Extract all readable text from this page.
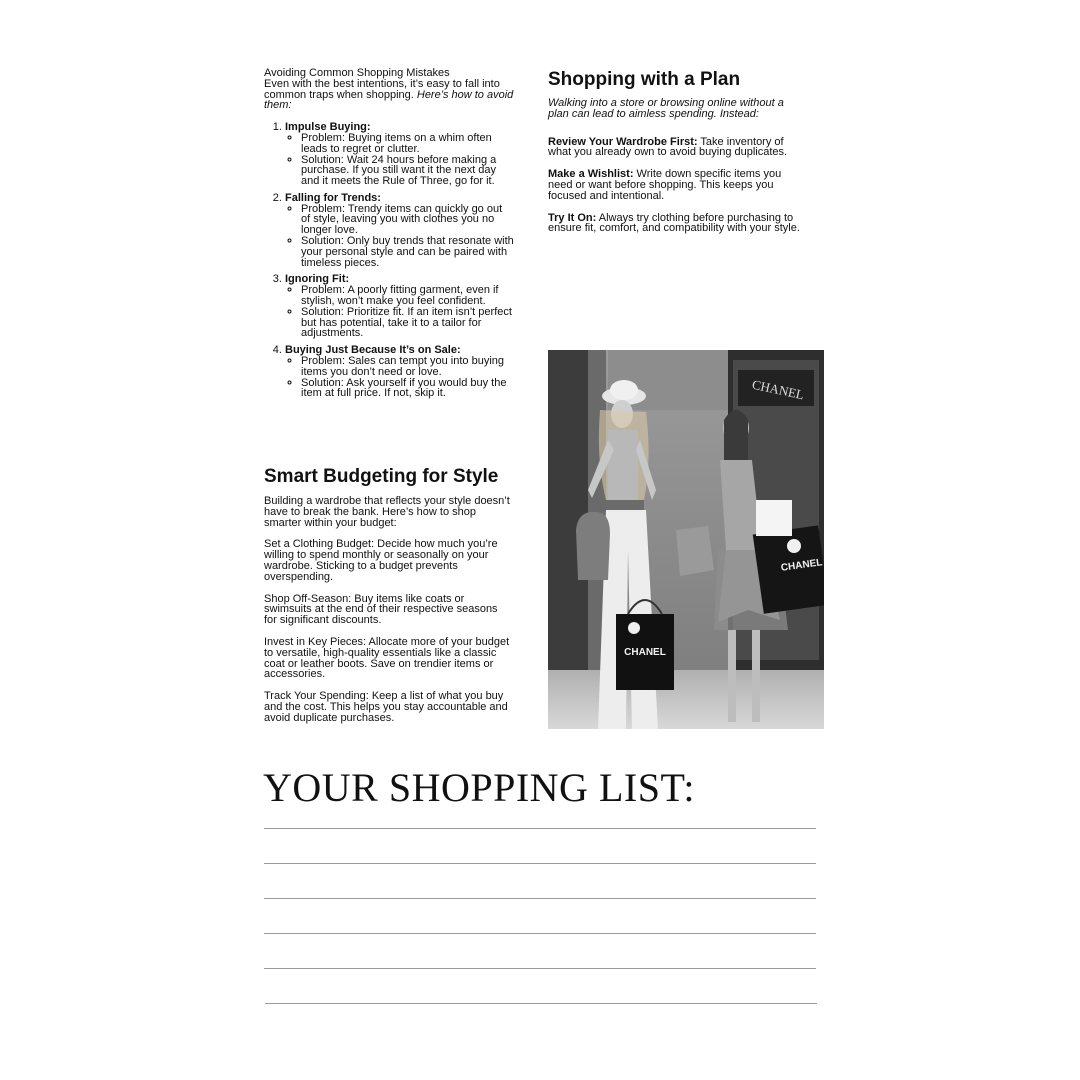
Avoiding Common Shopping Mistakes

Even with the best intentions, it’s easy to fall into common traps when shopping. Here’s how to avoid them:

1. Impulse Buying:
◦ Problem: Buying items on a whim often leads to regret or clutter.
◦ Solution: Wait 24 hours before making a purchase. If you still want it the next day and it meets the Rule of Three, go for it.
2. Falling for Trends:
◦ Problem: Trendy items can quickly go out of style, leaving you with clothes you no longer love.
◦ Solution: Only buy trends that resonate with your personal style and can be paired with timeless pieces.
3. Ignoring Fit:
◦ Problem: A poorly fitting garment, even if stylish, won’t make you feel confident.
◦ Solution: Prioritize fit. If an item isn’t perfect but has potential, take it to a tailor for adjustments.
4. Buying Just Because It’s on Sale:
◦ Problem: Sales can tempt you into buying items you don’t need or love.
◦ Solution: Ask yourself if you would buy the item at full price. If not, skip it.
Smart Budgeting for Style

Building a wardrobe that reflects your style doesn’t have to break the bank. Here’s how to shop smarter within your budget:

Set a Clothing Budget: Decide how much you’re willing to spend monthly or seasonally on your wardrobe. Sticking to a budget prevents overspending.

Shop Off-Season: Buy items like coats or swimsuits at the end of their respective seasons for significant discounts.

Invest in Key Pieces: Allocate more of your budget to versatile, high-quality essentials like a classic coat or leather boots. Save on trendier items or accessories.

Track Your Spending: Keep a list of what you buy and the cost. This helps you stay accountable and avoid duplicate purchases.

Shopping with a Plan

Walking into a store or browsing online without a plan can lead to aimless spending. Instead:

Review Your Wardrobe First: Take inventory of what you already own to avoid buying duplicates.

Make a Wishlist: Write down specific items you need or want before shopping. This keeps you focused and intentional.

Try It On: Always try clothing before purchasing to ensure fit, comfort, and compatibility with your style.

CHANEL
CHANEL
CHANEL
YOUR SHOPPING LIST:
